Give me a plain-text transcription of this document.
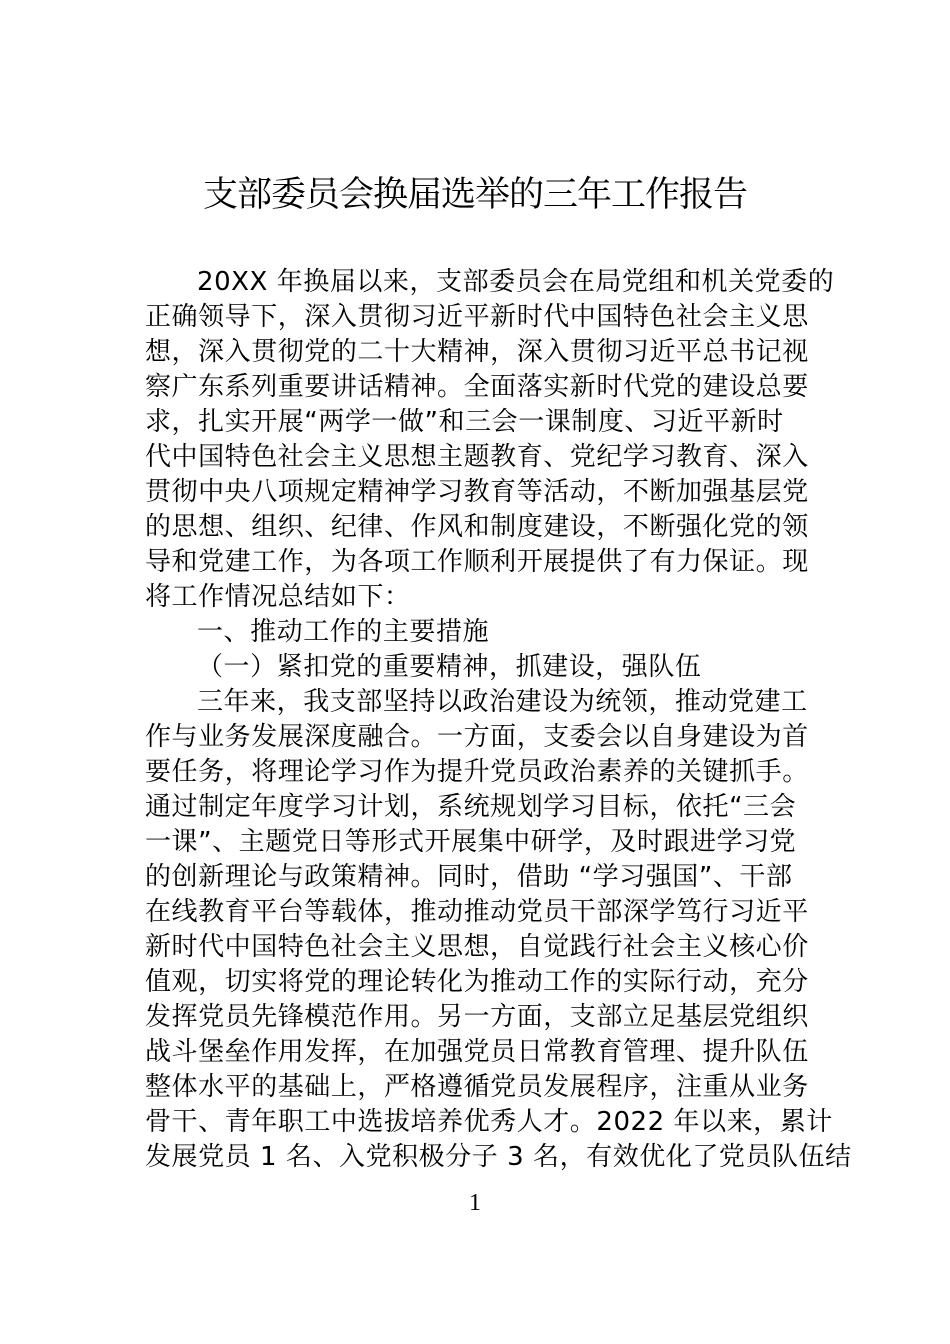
支部委员会换届选举的三年工作报告
20XX 年换届以来，支部委员会在局党组和机关党委的
正确领导下，深入贯彻习近平新时代中国特色社会主义思
想，深入贯彻党的二十大精神，深入贯彻习近平总书记视
察广东系列重要讲话精神。全面落实新时代党的建设总要
求，扎实开展“两学一做”和三会一课制度、习近平新时
代中国特色社会主义思想主题教育、党纪学习教育、深入
贯彻中央八项规定精神学习教育等活动，不断加强基层党
的思想、组织、纪律、作风和制度建设，不断强化党的领
导和党建工作，为各项工作顺利开展提供了有力保证。现
将工作情况总结如下：
一、推动工作的主要措施
（一）紧扣党的重要精神，抓建设，强队伍
三年来，我支部坚持以政治建设为统领，推动党建工
作与业务发展深度融合。一方面，支委会以自身建设为首
要任务，将理论学习作为提升党员政治素养的关键抓手。
通过制定年度学习计划，系统规划学习目标，依托“三会
一课”、主题党日等形式开展集中研学，及时跟进学习党
的创新理论与政策精神。同时，借助 “学习强国”、干部
在线教育平台等载体，推动推动党员干部深学笃行习近平
新时代中国特色社会主义思想，自觉践行社会主义核心价
值观，切实将党的理论转化为推动工作的实际行动，充分
发挥党员先锋模范作用。另一方面，支部立足基层党组织
战斗堡垒作用发挥，在加强党员日常教育管理、提升队伍
整体水平的基础上，严格遵循党员发展程序，注重从业务
骨干、青年职工中选拔培养优秀人才。2022 年以来，累计
发展党员 1 名、入党积极分子 3 名，有效优化了党员队伍结
1
